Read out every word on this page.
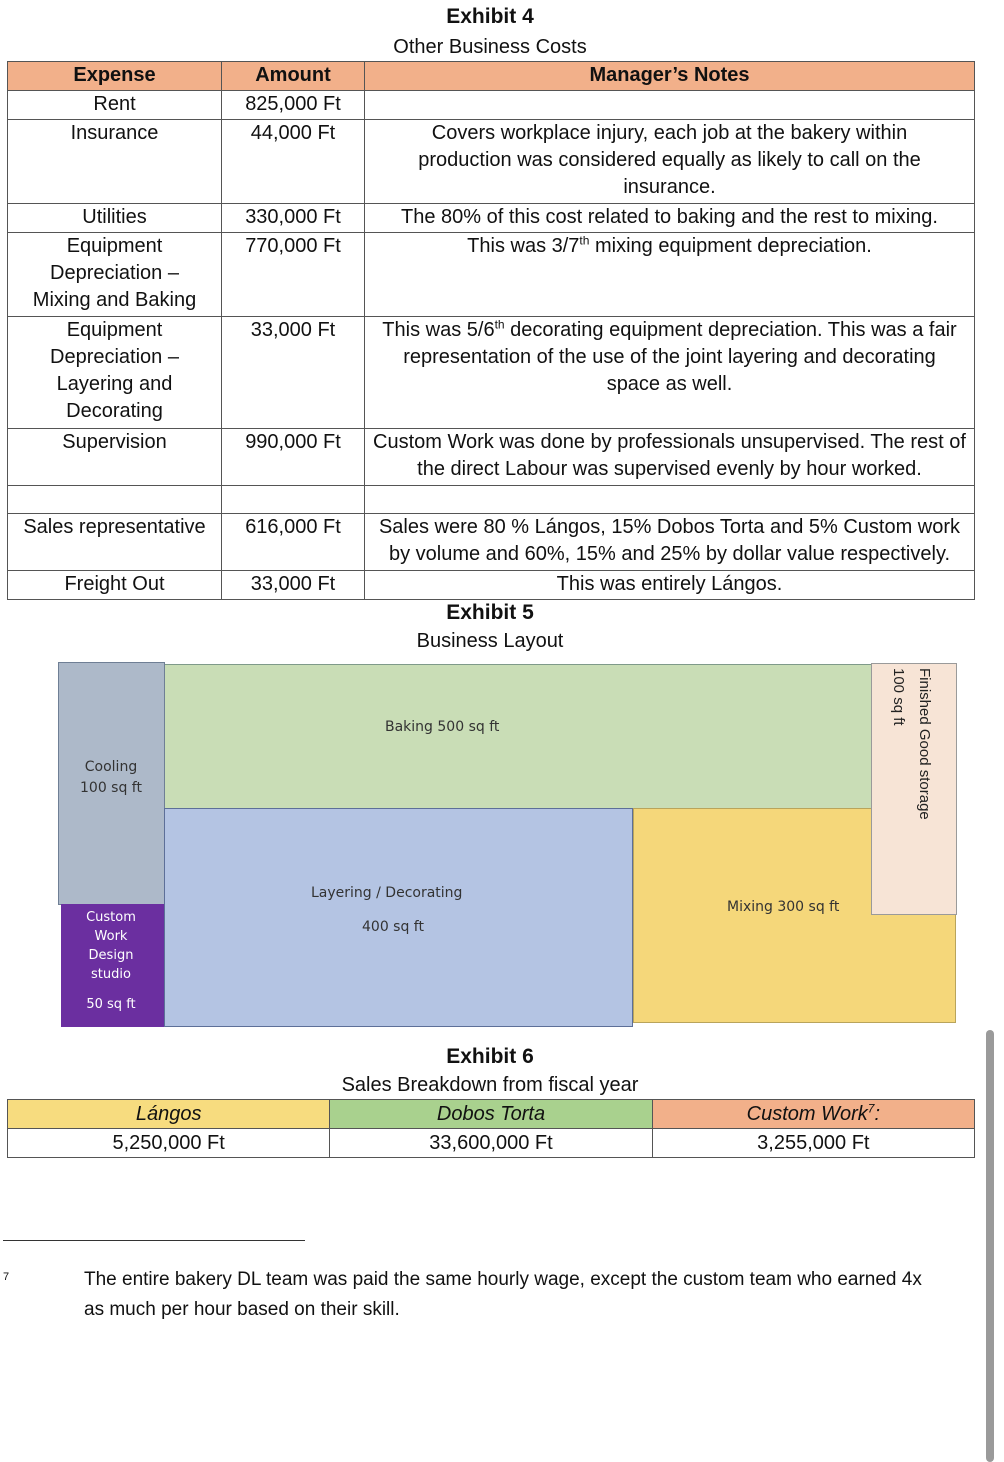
Exhibit 4
Other Business Costs
Expense	Amount	Manager’s Notes
Rent	825,000 Ft	
Insurance	44,000 Ft	Covers workplace injury, each job at the bakery within production was considered equally as likely to call on the insurance.
Utilities	330,000 Ft	The 80% of this cost related to baking and the rest to mixing.
Equipment Depreciation – Mixing and Baking	770,000 Ft	This was 3/7th mixing equipment depreciation.
Equipment Depreciation – Layering and Decorating	33,000 Ft	This was 5/6th decorating equipment depreciation. This was a fair representation of the use of the joint layering and decorating space as well.
Supervision	990,000 Ft	Custom Work was done by professionals unsupervised. The rest of the direct Labour was supervised evenly by hour worked.

Sales representative	616,000 Ft	Sales were 80 % Lángos, 15% Dobos Torta and 5% Custom work by volume and 60%, 15% and 25% by dollar value respectively.
Freight Out	33,000 Ft	This was entirely Lángos.
Exhibit 5
Business Layout
Baking 500 sq ft
Cooling
100 sq ft
Custom
Work
Design
studio
50 sq ft
Layering / Decorating
400 sq ft
Mixing 300 sq ft
Finished Good storage
100 sq ft
Exhibit 6
Sales Breakdown from fiscal year
Lángos	Dobos Torta	Custom Work$^7$:
5,250,000 Ft	33,600,000 Ft	3,255,000 Ft
7	The entire bakery DL team was paid the same hourly wage, except the custom team who earned 4x as much per hour based on their skill.
